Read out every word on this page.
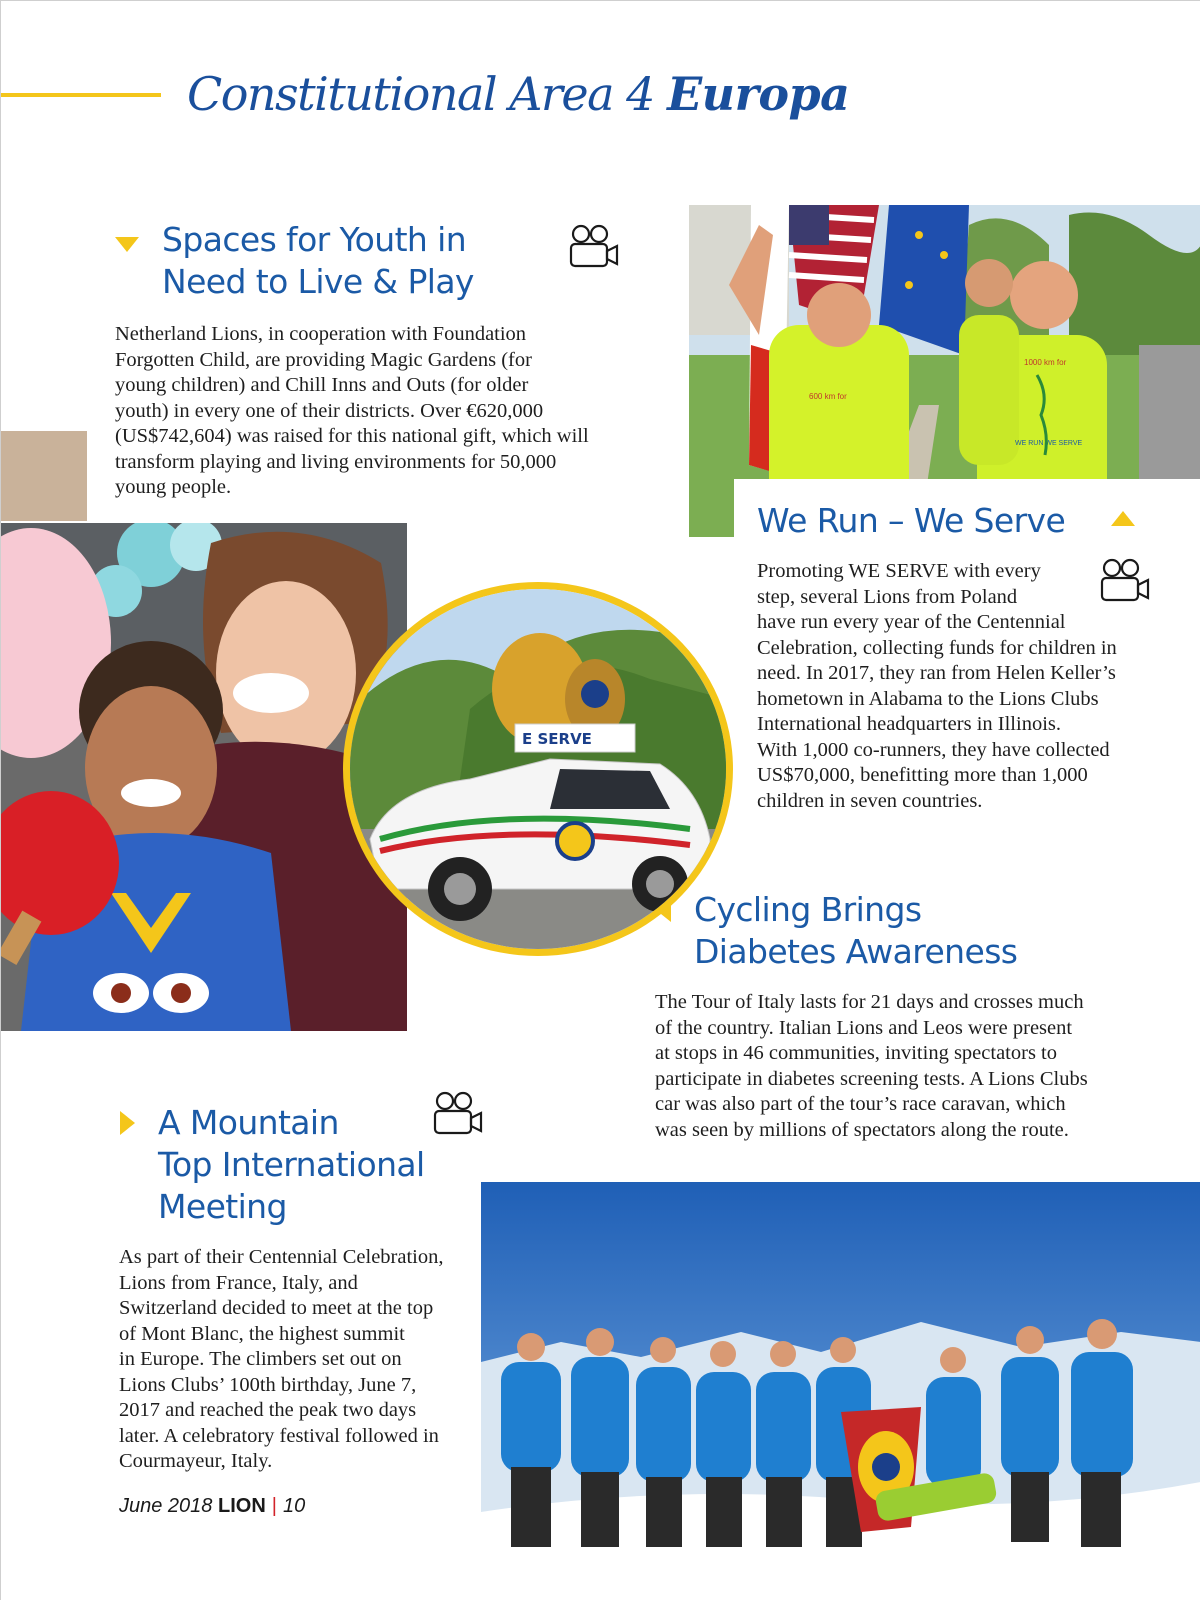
Constitutional Area 4 Europa
Spaces for Youth in
Need to Live & Play
Netherland Lions, in cooperation with Foundation
Forgotten Child, are providing Magic Gardens (for
young children) and Chill Inns and Outs (for older
youth) in every one of their districts. Over €620,000
(US$742,604) was raised for this national gift, which will
transform playing and living environments for 50,000
young people.
600 km for
1000 km for
WE RUN WE SERVE
We Run – We Serve
Promoting WE SERVE with every
step, several Lions from Poland
have run every year of the Centennial
Celebration, collecting funds for children in
need. In 2017, they ran from Helen Keller’s
hometown in Alabama to the Lions Clubs
International headquarters in Illinois.
With 1,000 co-runners, they have collected
US$70,000, benefitting more than 1,000
children in seven countries.
E SERVE
Cycling Brings
Diabetes Awareness
The Tour of Italy lasts for 21 days and crosses much
of the country. Italian Lions and Leos were present
at stops in 46 communities, inviting spectators to
participate in diabetes screening tests. A Lions Clubs
car was also part of the tour’s race caravan, which
was seen by millions of spectators along the route.
A Mountain
Top International
Meeting
As part of their Centennial Celebration,
Lions from France, Italy, and
Switzerland decided to meet at the top
of Mont Blanc, the highest summit
in Europe. The climbers set out on
Lions Clubs’ 100th birthday, June 7,
2017 and reached the peak two days
later. A celebratory festival followed in
Courmayeur, Italy.
June 2018 LION | 10
